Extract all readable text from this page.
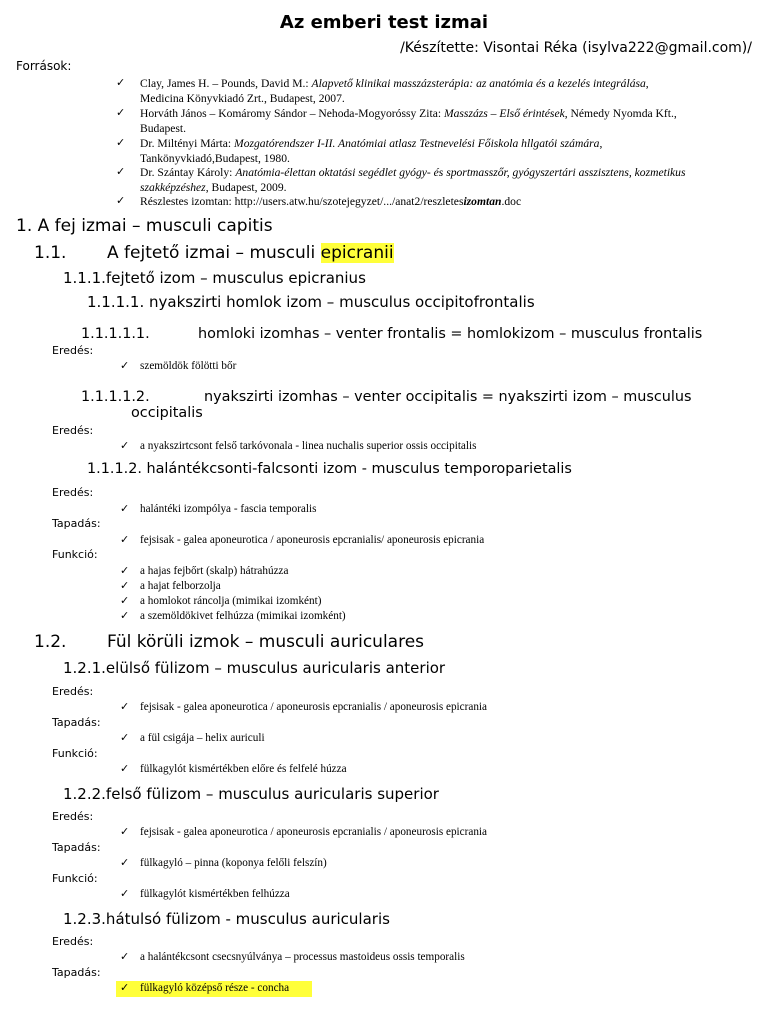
Az emberi test izmai
/Készítette: Visontai Réka (isylva222@gmail.com)/
Források:
✓ Clay, James H. – Pounds, David M.: Alapvető klinikai masszázsterápia: az anatómia és a kezelés integrálása,
Medicina Könyvkiadó Zrt., Budapest, 2007.
✓ Horváth János – Komáromy Sándor – Nehoda-Mogyoróssy Zita: Masszázs – Első érintések, Némedy Nyomda Kft.,
Budapest.
✓ Dr. Miltényi Márta: Mozgatórendszer I-II. Anatómiai atlasz Testnevelési Főiskola hllgatói számára,
Tankönyvkiadó,Budapest, 1980.
✓ Dr. Szántay Károly: Anatómia-élettan oktatási segédlet gyógy- és sportmasszőr, gyógyszertári asszisztens, kozmetikus
szakképzéshez, Budapest, 2009.
✓ Részlestes izomtan: http://users.atw.hu/szotejegyzet/.../anat2/reszletesizomtan.doc
1. A fej izmai – musculi capitis
1.1. A fejtető izmai – musculi epicranii
1.1.1.fejtető izom – musculus epicranius
1.1.1.1. nyakszirti homlok izom – musculus occipitofrontalis
1.1.1.1.1.	homloki izomhas – venter frontalis = homlokizom – musculus frontalis
Eredés:
✓ szemöldök fölötti bőr
1.1.1.1.2.	nyakszirti izomhas – venter occipitalis = nyakszirti izom – musculus
occipitalis
Eredés:
✓ a nyakszirtcsont felső tarkóvonala - linea nuchalis superior ossis occipitalis
1.1.1.2. halántékcsonti-falcsonti izom - musculus temporoparietalis
Eredés:
✓ halántéki izompólya - fascia temporalis
Tapadás:
✓ fejsisak - galea aponeurotica / aponeurosis epcranialis/ aponeurosis epicrania
Funkció:
✓ a hajas fejbőrt (skalp) hátrahúzza
✓ a hajat felborzolja
✓ a homlokot ráncolja (mimikai izomként)
✓ a szemöldökivet felhúzza (mimikai izomként)
1.2. Fül körüli izmok – musculi auriculares
1.2.1.elülső fülizom – musculus auricularis anterior
Eredés:
✓ fejsisak - galea aponeurotica / aponeurosis epcranialis / aponeurosis epicrania
Tapadás:
✓ a fül csigája – helix auriculi
Funkció:
✓ fülkagylót kismértékben előre és felfelé húzza
1.2.2.felső fülizom – musculus auricularis superior
Eredés:
✓ fejsisak - galea aponeurotica / aponeurosis epcranialis / aponeurosis epicrania
Tapadás:
✓ fülkagyló – pinna (koponya felőli felszín)
Funkció:
✓ fülkagylót kismértékben felhúzza
1.2.3.hátulsó fülizom - musculus auricularis
Eredés:
✓ a halántékcsont csecsnyúlványa – processus mastoideus ossis temporalis
Tapadás:
✓ fülkagyló középső része - concha
